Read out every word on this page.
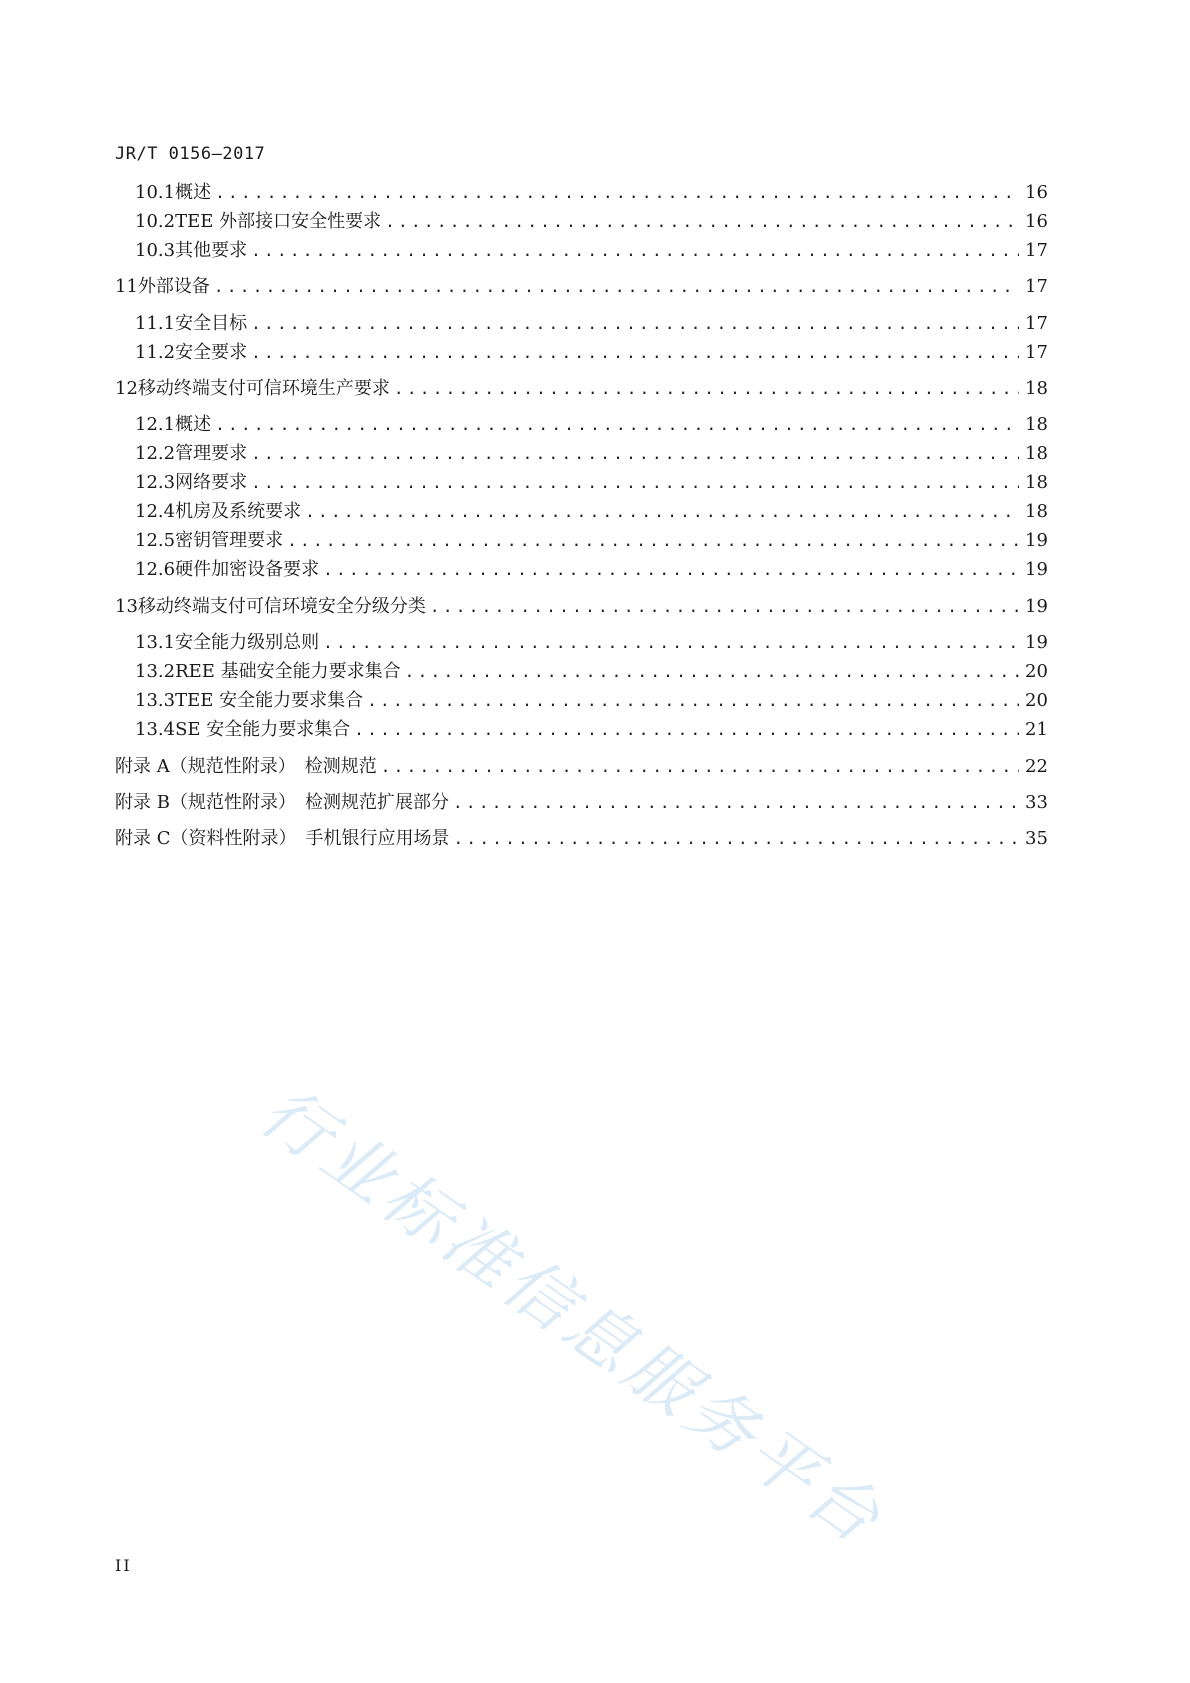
JR/T 0156—2017
10.1 概述 .....	16
10.2 TEE 外部接口安全性要求 .....	16
10.3 其他要求 .....	17
11 外部设备 .....	17
11.1 安全目标 .....	17
11.2 安全要求 .....	17
12 移动终端支付可信环境生产要求 .....	18
12.1 概述 .....	18
12.2 管理要求 .....	18
12.3 网络要求 .....	18
12.4 机房及系统要求 .....	18
12.5 密钥管理要求 .....	19
12.6 硬件加密设备要求 .....	19
13 移动终端支付可信环境安全分级分类 .....	19
13.1 安全能力级别总则 .....	19
13.2 REE 基础安全能力要求集合 .....	20
13.3 TEE 安全能力要求集合 .....	20
13.4 SE 安全能力要求集合 .....	21
附录 A（规范性附录）　检测规范 .....	22
附录 B（规范性附录）　检测规范扩展部分 .....	33
附录 C（资料性附录）　手机银行应用场景 .....	35
行业标准信息服务平台
II
